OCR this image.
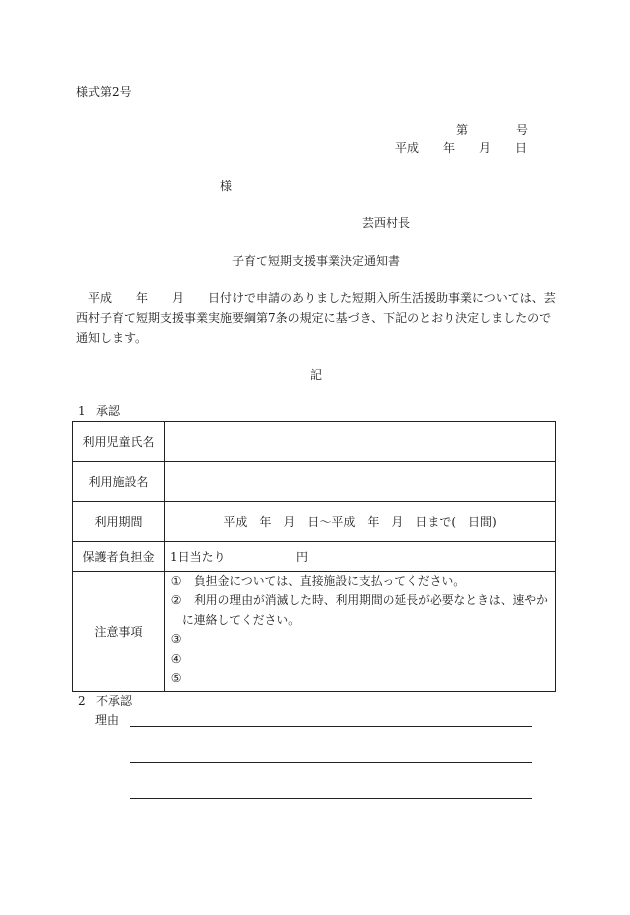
様式第2号
第	号
平成 年 月 日
様
芸西村長
子育て短期支援事業決定通知書
平成　　年　　月　　日付けで申請のありました短期入所生活援助事業については、芸
西村子育て短期支援事業実施要綱第7条の規定に基づき、下記のとおり決定しましたので
通知します。
記
1 承認
利用児童氏名
利用施設名
利用期間	平成　年　月　日～平成　年　月　日まで(　日間)
保護者負担金	1日当たり	円
注意事項
① 負担金については、直接施設に支払ってください。
② 利用の理由が消滅した時、利用期間の延長が必要なときは、速やか
に連絡してください。
③
④
⑤
2 不承認
理由
